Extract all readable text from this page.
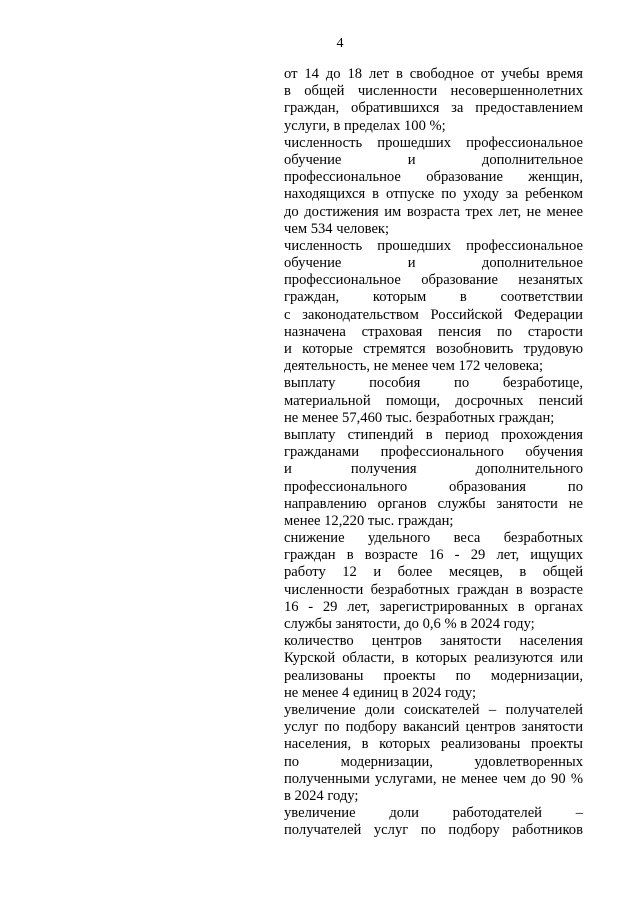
4
от 14 до 18 лет в свободное от учебы время
в общей численности несовершеннолетних
граждан, обратившихся за предоставлением
услуги, в пределах 100 %;
численность прошедших профессиональное
обучение и дополнительное
профессиональное образование женщин,
находящихся в отпуске по уходу за ребенком
до достижения им возраста трех лет, не менее
чем 534 человек;
численность прошедших профессиональное
обучение и дополнительное
профессиональное образование незанятых
граждан, которым в соответствии
с законодательством Российской Федерации
назначена страховая пенсия по старости
и которые стремятся возобновить трудовую
деятельность, не менее чем 172 человека;
выплату пособия по безработице,
материальной помощи, досрочных пенсий
не менее 57,460 тыс. безработных граждан;
выплату стипендий в период прохождения
гражданами профессионального обучения
и получения дополнительного
профессионального образования по
направлению органов службы занятости не
менее 12,220 тыс. граждан;
снижение удельного веса безработных
граждан в возрасте 16 - 29 лет, ищущих
работу 12 и более месяцев, в общей
численности безработных граждан в возрасте
16 - 29 лет, зарегистрированных в органах
службы занятости, до 0,6 % в 2024 году;
количество центров занятости населения
Курской области, в которых реализуются или
реализованы проекты по модернизации,
не менее 4 единиц в 2024 году;
увеличение доли соискателей – получателей
услуг по подбору вакансий центров занятости
населения, в которых реализованы проекты
по модернизации, удовлетворенных
полученными услугами, не менее чем до 90 %
в 2024 году;
увеличение доли работодателей –
получателей услуг по подбору работников
